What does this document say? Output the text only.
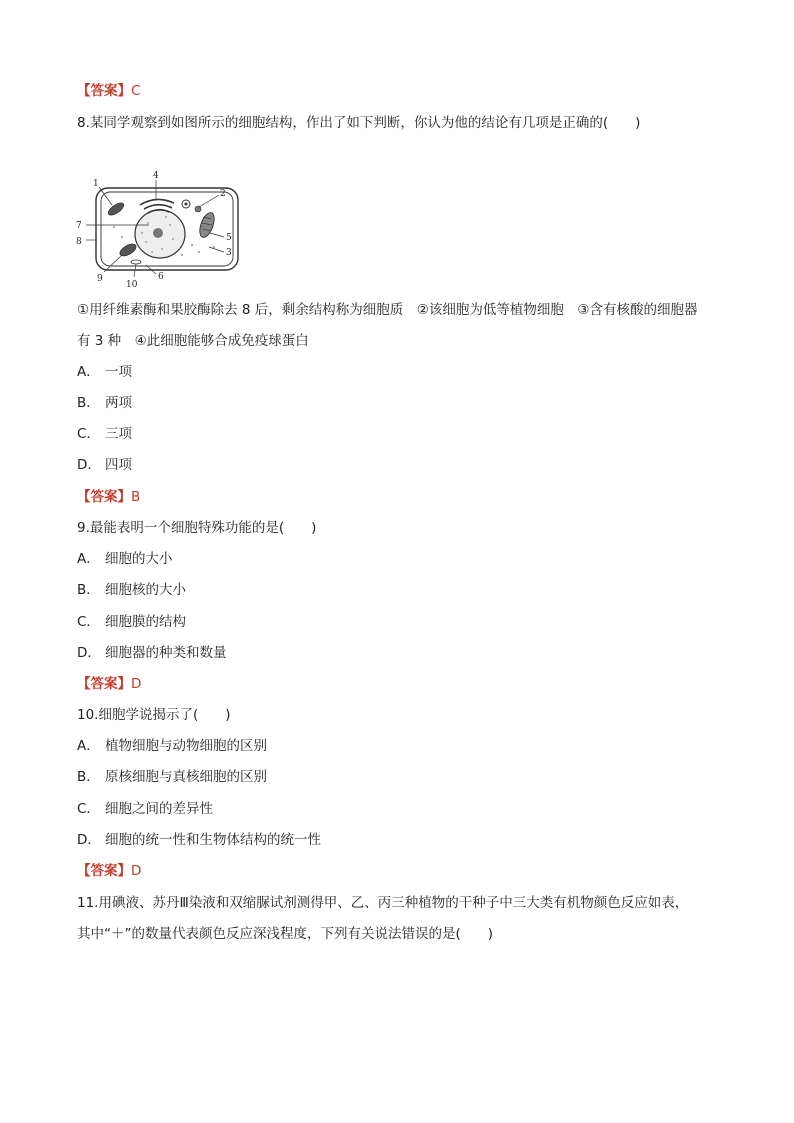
【答案】C
8.某同学观察到如图所示的细胞结构，作出了如下判断，你认为他的结论有几项是正确的(　　)
1
2
3
4
5
6
7
8
9
10
①用纤维素酶和果胶酶除去 8 后，剩余结构称为细胞质　②该细胞为低等植物细胞　③含有核酸的细胞器
有 3 种　④此细胞能够合成免疫球蛋白
A． 一项
B． 两项
C． 三项
D． 四项
【答案】B
9.最能表明一个细胞特殊功能的是(　　)
A． 细胞的大小
B． 细胞核的大小
C． 细胞膜的结构
D． 细胞器的种类和数量
【答案】D
10.细胞学说揭示了(　　)
A． 植物细胞与动物细胞的区别
B． 原核细胞与真核细胞的区别
C． 细胞之间的差异性
D． 细胞的统一性和生物体结构的统一性
【答案】D
11.用碘液、苏丹Ⅲ染液和双缩脲试剂测得甲、乙、丙三种植物的干种子中三大类有机物颜色反应如表，
其中“＋”的数量代表颜色反应深浅程度，下列有关说法错误的是(　　)
